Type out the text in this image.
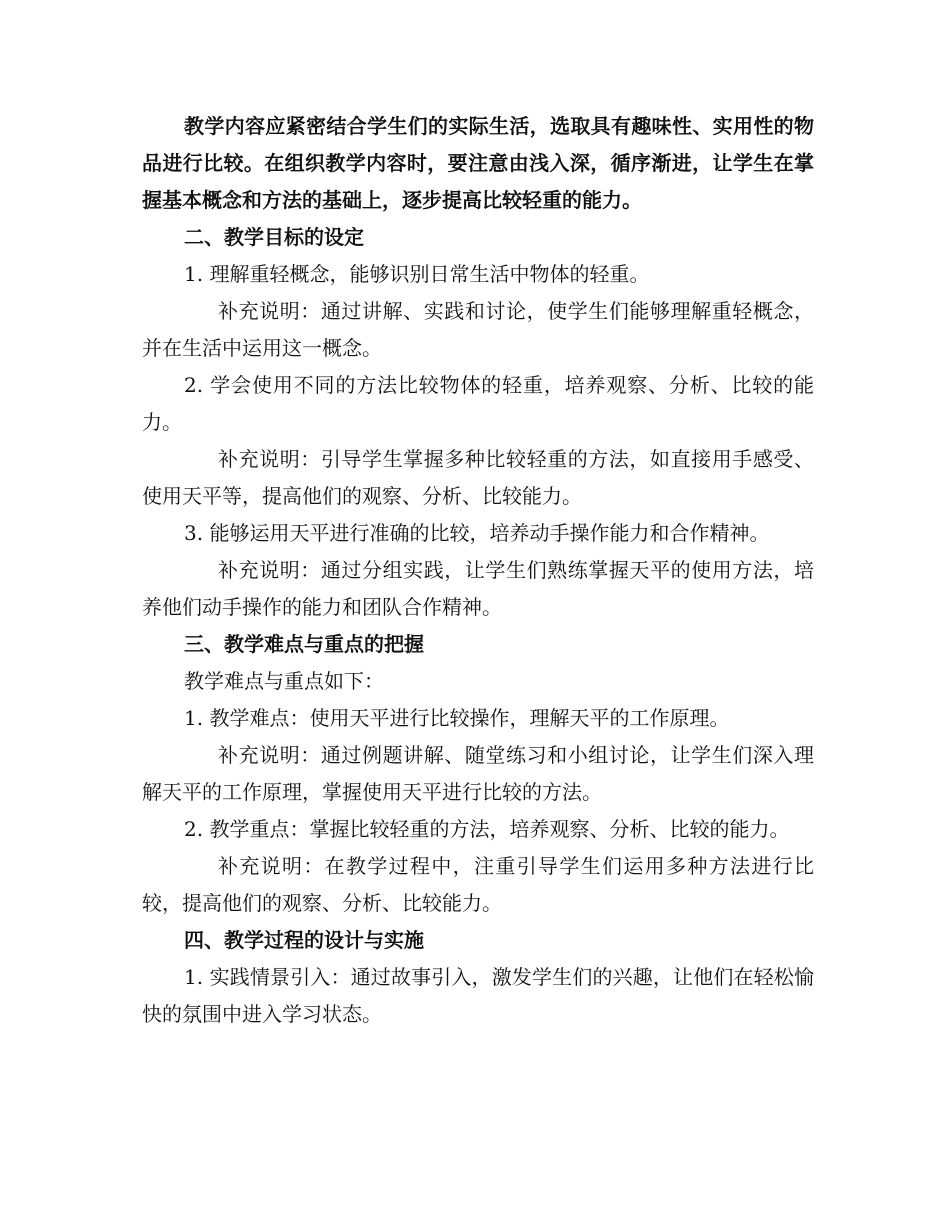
教学内容应紧密结合学生们的实际生活，选取具有趣味性、实用性的物品进行比较。在组织教学内容时，要注意由浅入深，循序渐进，让学生在掌握基本概念和方法的基础上，逐步提高比较轻重的能力。

二、教学目标的设定

1. 理解重轻概念，能够识别日常生活中物体的轻重。

补充说明：通过讲解、实践和讨论，使学生们能够理解重轻概念，并在生活中运用这一概念。

2. 学会使用不同的方法比较物体的轻重，培养观察、分析、比较的能力。

补充说明：引导学生掌握多种比较轻重的方法，如直接用手感受、使用天平等，提高他们的观察、分析、比较能力。

3. 能够运用天平进行准确的比较，培养动手操作能力和合作精神。

补充说明：通过分组实践，让学生们熟练掌握天平的使用方法，培养他们动手操作的能力和团队合作精神。

三、教学难点与重点的把握

教学难点与重点如下：

1. 教学难点：使用天平进行比较操作，理解天平的工作原理。

补充说明：通过例题讲解、随堂练习和小组讨论，让学生们深入理解天平的工作原理，掌握使用天平进行比较的方法。

2. 教学重点：掌握比较轻重的方法，培养观察、分析、比较的能力。

补充说明：在教学过程中，注重引导学生们运用多种方法进行比较，提高他们的观察、分析、比较能力。

四、教学过程的设计与实施

1. 实践情景引入：通过故事引入，激发学生们的兴趣，让他们在轻松愉快的氛围中进入学习状态。
